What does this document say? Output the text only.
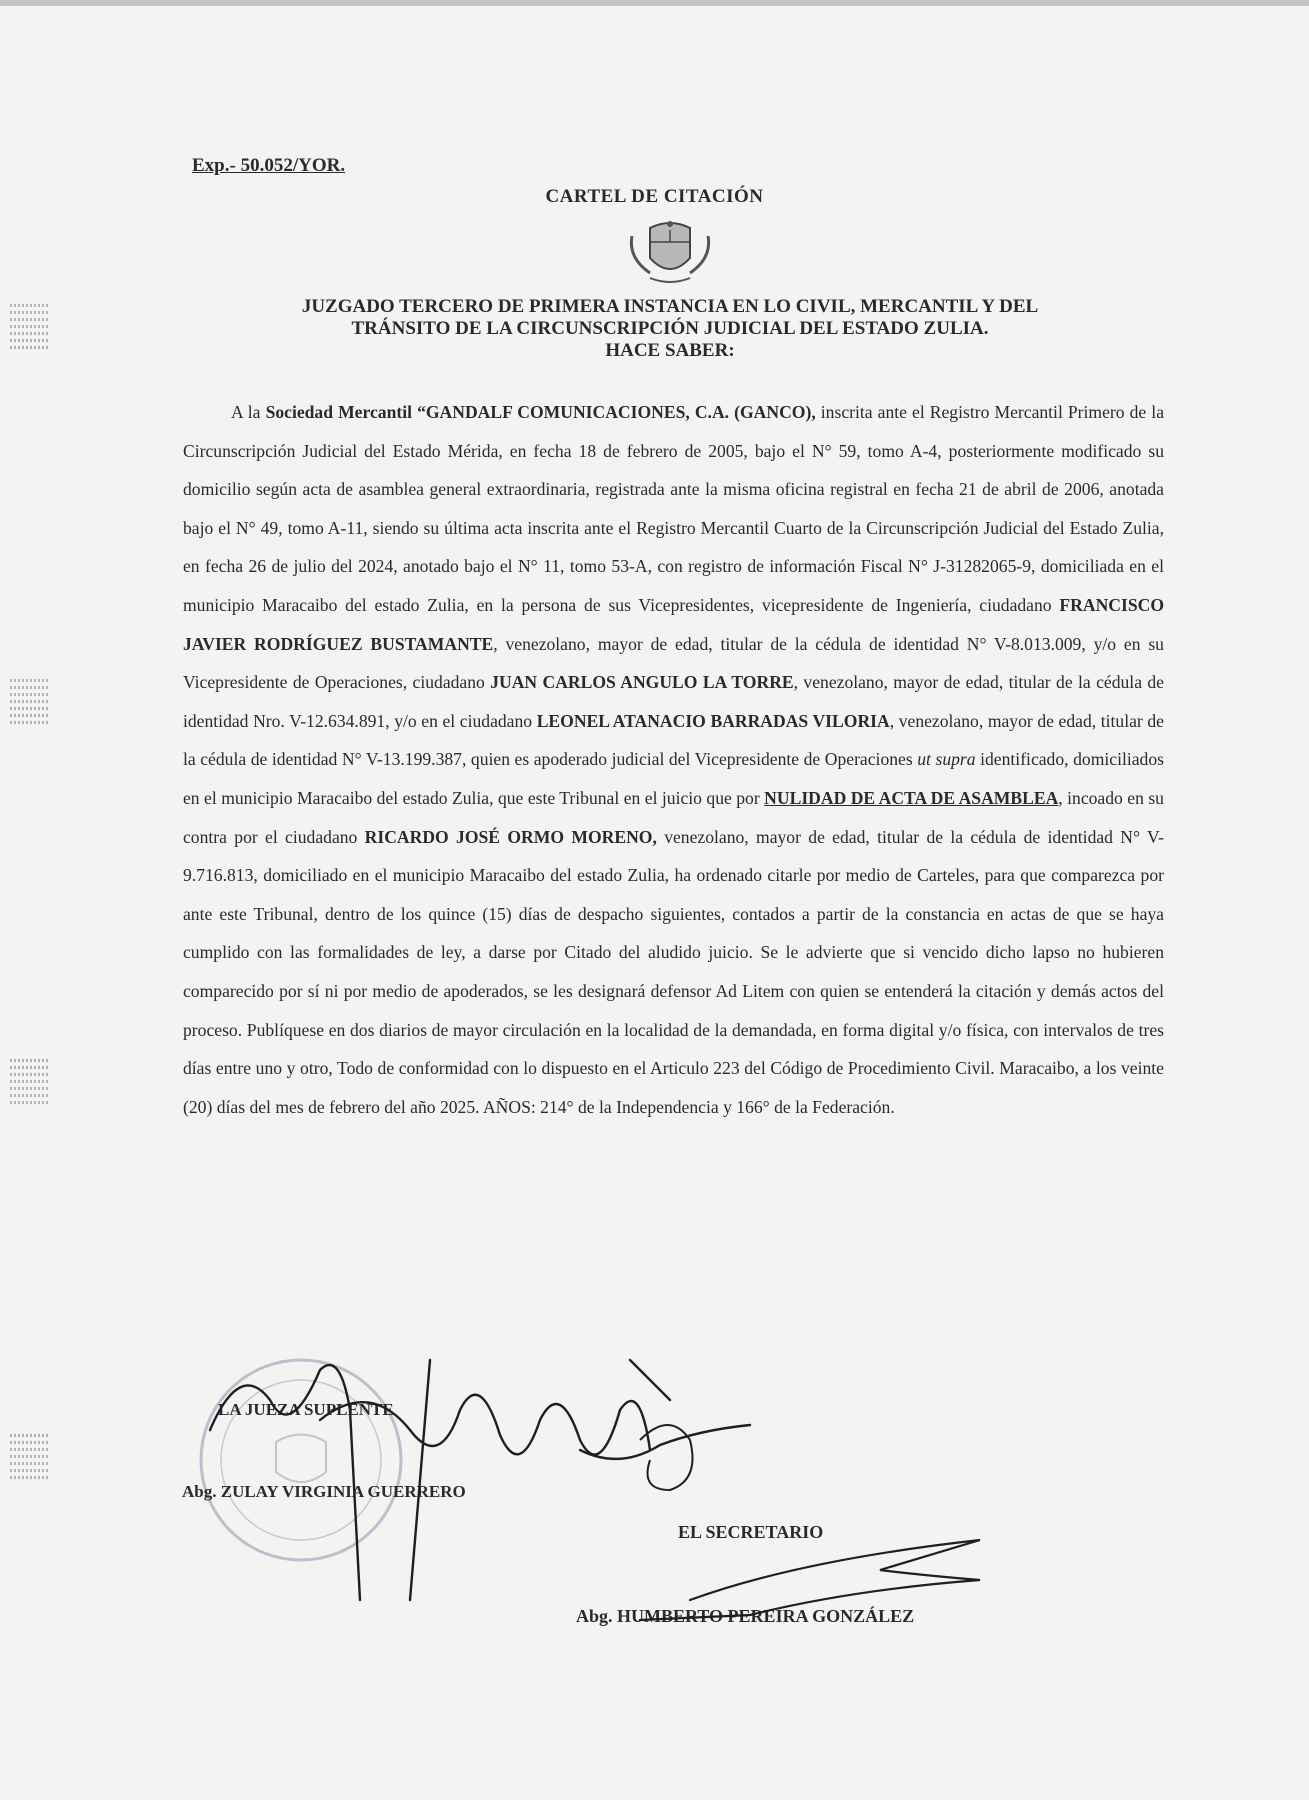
Exp.- 50.052/YOR.
CARTEL DE CITACIÓN
JUZGADO TERCERO DE PRIMERA INSTANCIA EN LO CIVIL, MERCANTIL Y DEL
TRÁNSITO DE LA CIRCUNSCRIPCIÓN JUDICIAL DEL ESTADO ZULIA.
HACE SABER:

A la Sociedad Mercantil “GANDALF COMUNICACIONES, C.A. (GANCO), inscrita ante el Registro Mercantil Primero de la Circunscripción Judicial del Estado Mérida, en fecha 18 de febrero de 2005, bajo el N° 59, tomo A-4, posteriormente modificado su domicilio según acta de asamblea general extraordinaria, registrada ante la misma oficina registral en fecha 21 de abril de 2006, anotada bajo el N° 49, tomo A-11, siendo su última acta inscrita ante el Registro Mercantil Cuarto de la Circunscripción Judicial del Estado Zulia, en fecha 26 de julio del 2024, anotado bajo el N° 11, tomo 53-A, con registro de información Fiscal N° J-31282065-9, domiciliada en el municipio Maracaibo del estado Zulia, en la persona de sus Vicepresidentes, vicepresidente de Ingeniería, ciudadano FRANCISCO JAVIER RODRÍGUEZ BUSTAMANTE, venezolano, mayor de edad, titular de la cédula de identidad N° V-8.013.009, y/o en su Vicepresidente de Operaciones, ciudadano JUAN CARLOS ANGULO LA TORRE, venezolano, mayor de edad, titular de la cédula de identidad Nro. V-12.634.891, y/o en el ciudadano LEONEL ATANACIO BARRADAS VILORIA, venezolano, mayor de edad, titular de la cédula de identidad N° V-13.199.387, quien es apoderado judicial del Vicepresidente de Operaciones ut supra identificado, domiciliados en el municipio Maracaibo del estado Zulia, que este Tribunal en el juicio que por NULIDAD DE ACTA DE ASAMBLEA, incoado en su contra por el ciudadano RICARDO JOSÉ ORMO MORENO, venezolano, mayor de edad, titular de la cédula de identidad N° V-9.716.813, domiciliado en el municipio Maracaibo del estado Zulia, ha ordenado citarle por medio de Carteles, para que comparezca por ante este Tribunal, dentro de los quince (15) días de despacho siguientes, contados a partir de la constancia en actas de que se haya cumplido con las formalidades de ley, a darse por Citado del aludido juicio. Se le advierte que si vencido dicho lapso no hubieren comparecido por sí ni por medio de apoderados, se les designará defensor Ad Litem con quien se entenderá la citación y demás actos del proceso. Publíquese en dos diarios de mayor circulación en la localidad de la demandada, en forma digital y/o física, con intervalos de tres días entre uno y otro, Todo de conformidad con lo dispuesto en el Articulo 223 del Código de Procedimiento Civil. Maracaibo, a los veinte (20) días del mes de febrero del año 2025. AÑOS: 214° de la Independencia y 166° de la Federación.

LA JUEZA SUPLENTE
Abg. ZULAY VIRGINIA GUERRERO
EL SECRETARIO
Abg. HUMBERTO PEREIRA GONZÁLEZ
